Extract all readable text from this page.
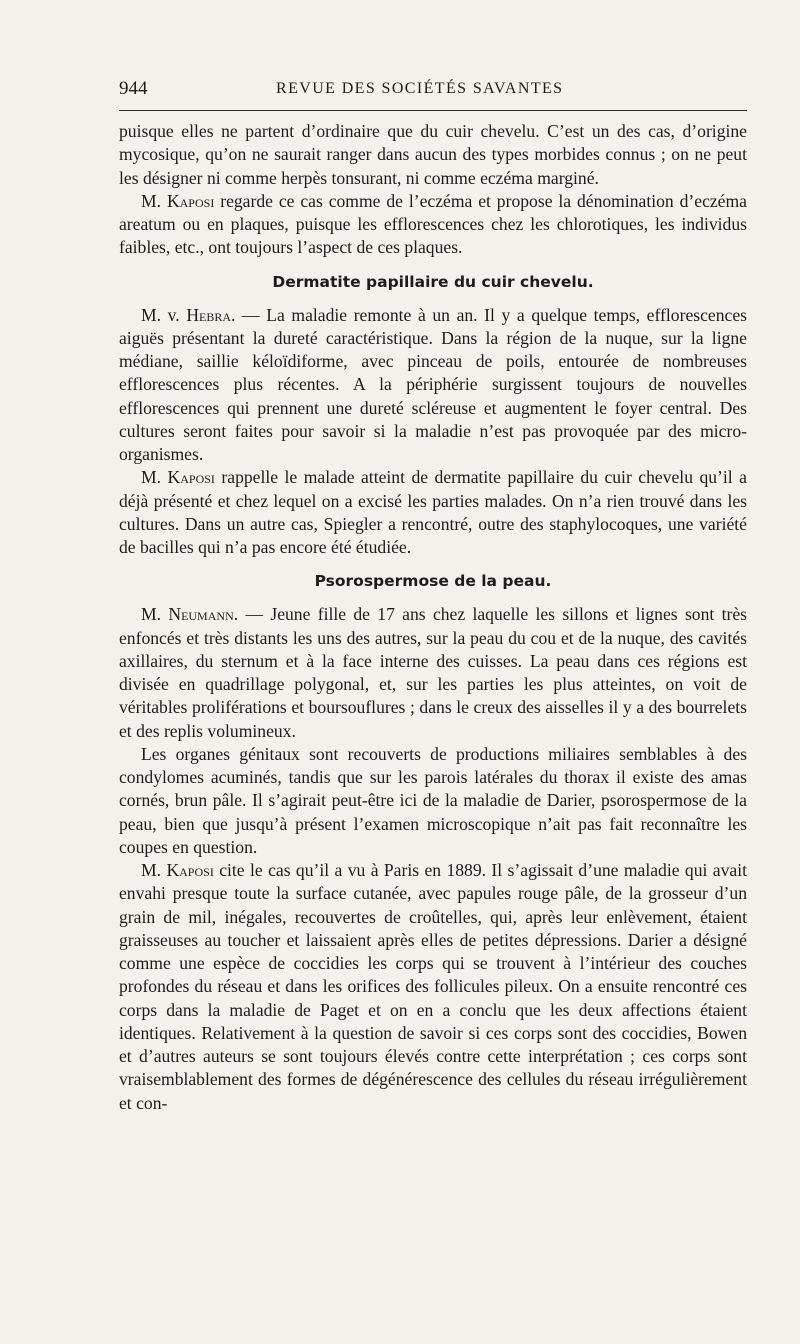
944	REVUE DES SOCIÉTÉS SAVANTES

puisque elles ne partent d’ordinaire que du cuir chevelu. C’est un des cas, d’origine mycosique, qu’on ne saurait ranger dans aucun des types morbides connus ; on ne peut les désigner ni comme herpès tonsurant, ni comme eczéma marginé.

M. Kaposi regarde ce cas comme de l’eczéma et propose la dénomination d’eczéma areatum ou en plaques, puisque les efflorescences chez les chlorotiques, les individus faibles, etc., ont toujours l’aspect de ces plaques.

Dermatite papillaire du cuir chevelu.

M. v. Hebra. — La maladie remonte à un an. Il y a quelque temps, efflorescences aiguës présentant la dureté caractéristique. Dans la région de la nuque, sur la ligne médiane, saillie kéloïdiforme, avec pinceau de poils, entourée de nombreuses efflorescences plus récentes. A la périphérie surgissent toujours de nouvelles efflorescences qui prennent une dureté scléreuse et augmentent le foyer central. Des cultures seront faites pour savoir si la maladie n’est pas provoquée par des micro-organismes.

M. Kaposi rappelle le malade atteint de dermatite papillaire du cuir chevelu qu’il a déjà présenté et chez lequel on a excisé les parties malades. On n’a rien trouvé dans les cultures. Dans un autre cas, Spiegler a rencontré, outre des staphylocoques, une variété de bacilles qui n’a pas encore été étudiée.

Psorospermose de la peau.

M. Neumann. — Jeune fille de 17 ans chez laquelle les sillons et lignes sont très enfoncés et très distants les uns des autres, sur la peau du cou et de la nuque, des cavités axillaires, du sternum et à la face interne des cuisses. La peau dans ces régions est divisée en quadrillage polygonal, et, sur les parties les plus atteintes, on voit de véritables proliférations et boursouflures ; dans le creux des aisselles il y a des bourrelets et des replis volumineux.

Les organes génitaux sont recouverts de productions miliaires semblables à des condylomes acuminés, tandis que sur les parois latérales du thorax il existe des amas cornés, brun pâle. Il s’agirait peut-être ici de la maladie de Darier, psorospermose de la peau, bien que jusqu’à présent l’examen microscopique n’ait pas fait reconnaître les coupes en question.

M. Kaposi cite le cas qu’il a vu à Paris en 1889. Il s’agissait d’une maladie qui avait envahi presque toute la surface cutanée, avec papules rouge pâle, de la grosseur d’un grain de mil, inégales, recouvertes de croûtelles, qui, après leur enlèvement, étaient graisseuses au toucher et laissaient après elles de petites dépressions. Darier a désigné comme une espèce de coccidies les corps qui se trouvent à l’intérieur des couches profondes du réseau et dans les orifices des follicules pileux. On a ensuite rencontré ces corps dans la maladie de Paget et on en a conclu que les deux affections étaient identiques. Relativement à la question de savoir si ces corps sont des coccidies, Bowen et d’autres auteurs se sont toujours élevés contre cette interprétation ; ces corps sont vraisemblablement des formes de dégénérescence des cellules du réseau irrégulièrement et con-
